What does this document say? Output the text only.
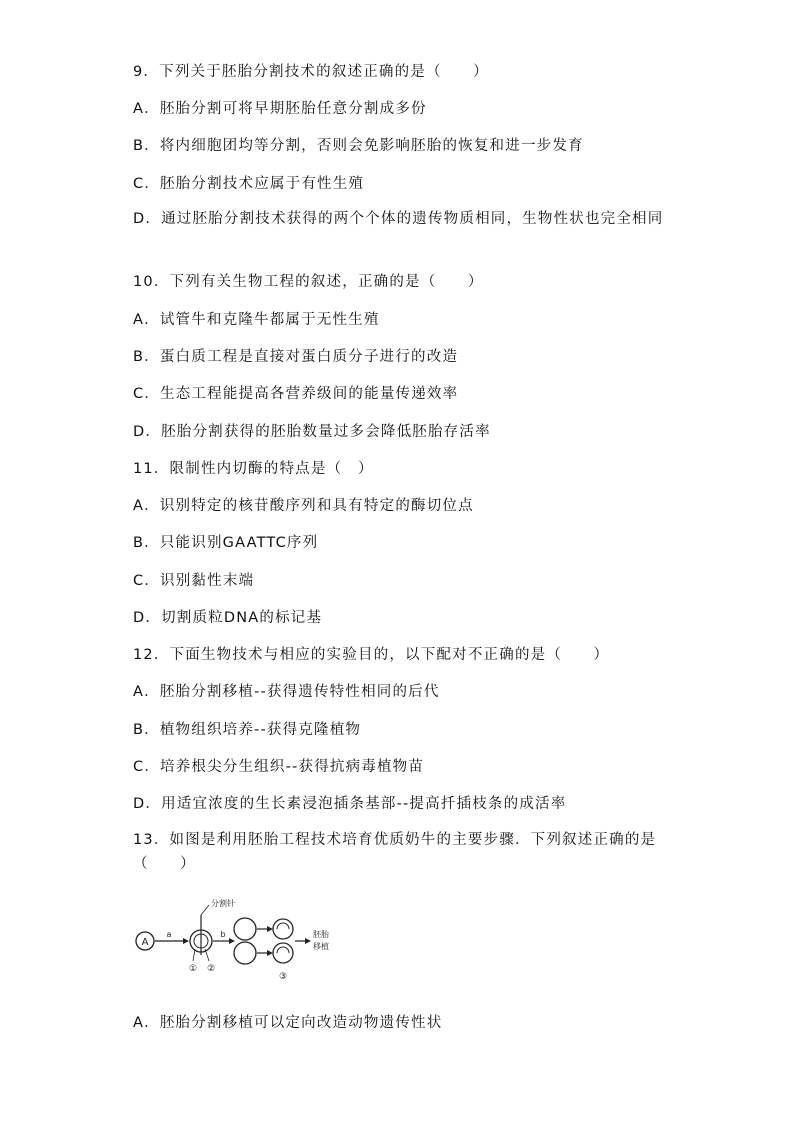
9．下列关于胚胎分割技术的叙述正确的是（　　）
A．胚胎分割可将早期胚胎任意分割成多份
B．将内细胞团均等分割，否则会免影响胚胎的恢复和进一步发育
C．胚胎分割技术应属于有性生殖
D．通过胚胎分割技术获得的两个个体的遗传物质相同，生物性状也完全相同
10．下列有关生物工程的叙述，正确的是（　　）
A．试管牛和克隆牛都属于无性生殖
B．蛋白质工程是直接对蛋白质分子进行的改造
C．生态工程能提高各营养级间的能量传递效率
D．胚胎分割获得的胚胎数量过多会降低胚胎存活率
11．限制性内切酶的特点是（　）
A．识别特定的核苷酸序列和具有特定的酶切位点
B．只能识别GAATTC序列
C．识别黏性末端
D．切割质粒DNA的标记基
12．下面生物技术与相应的实验目的，以下配对不正确的是（　　）
A．胚胎分割移植--获得遗传特性相同的后代
B．植物组织培养--获得克隆植物
C．培养根尖分生组织--获得抗病毒植物苗
D．用适宜浓度的生长素浸泡插条基部--提高扦插枝条的成活率
13．如图是利用胚胎工程技术培育优质奶牛的主要步骤．下列叙述正确的是（　　）
A
a
分割针
① ②
b
③
胚胎
移植
A．胚胎分割移植可以定向改造动物遗传性状
